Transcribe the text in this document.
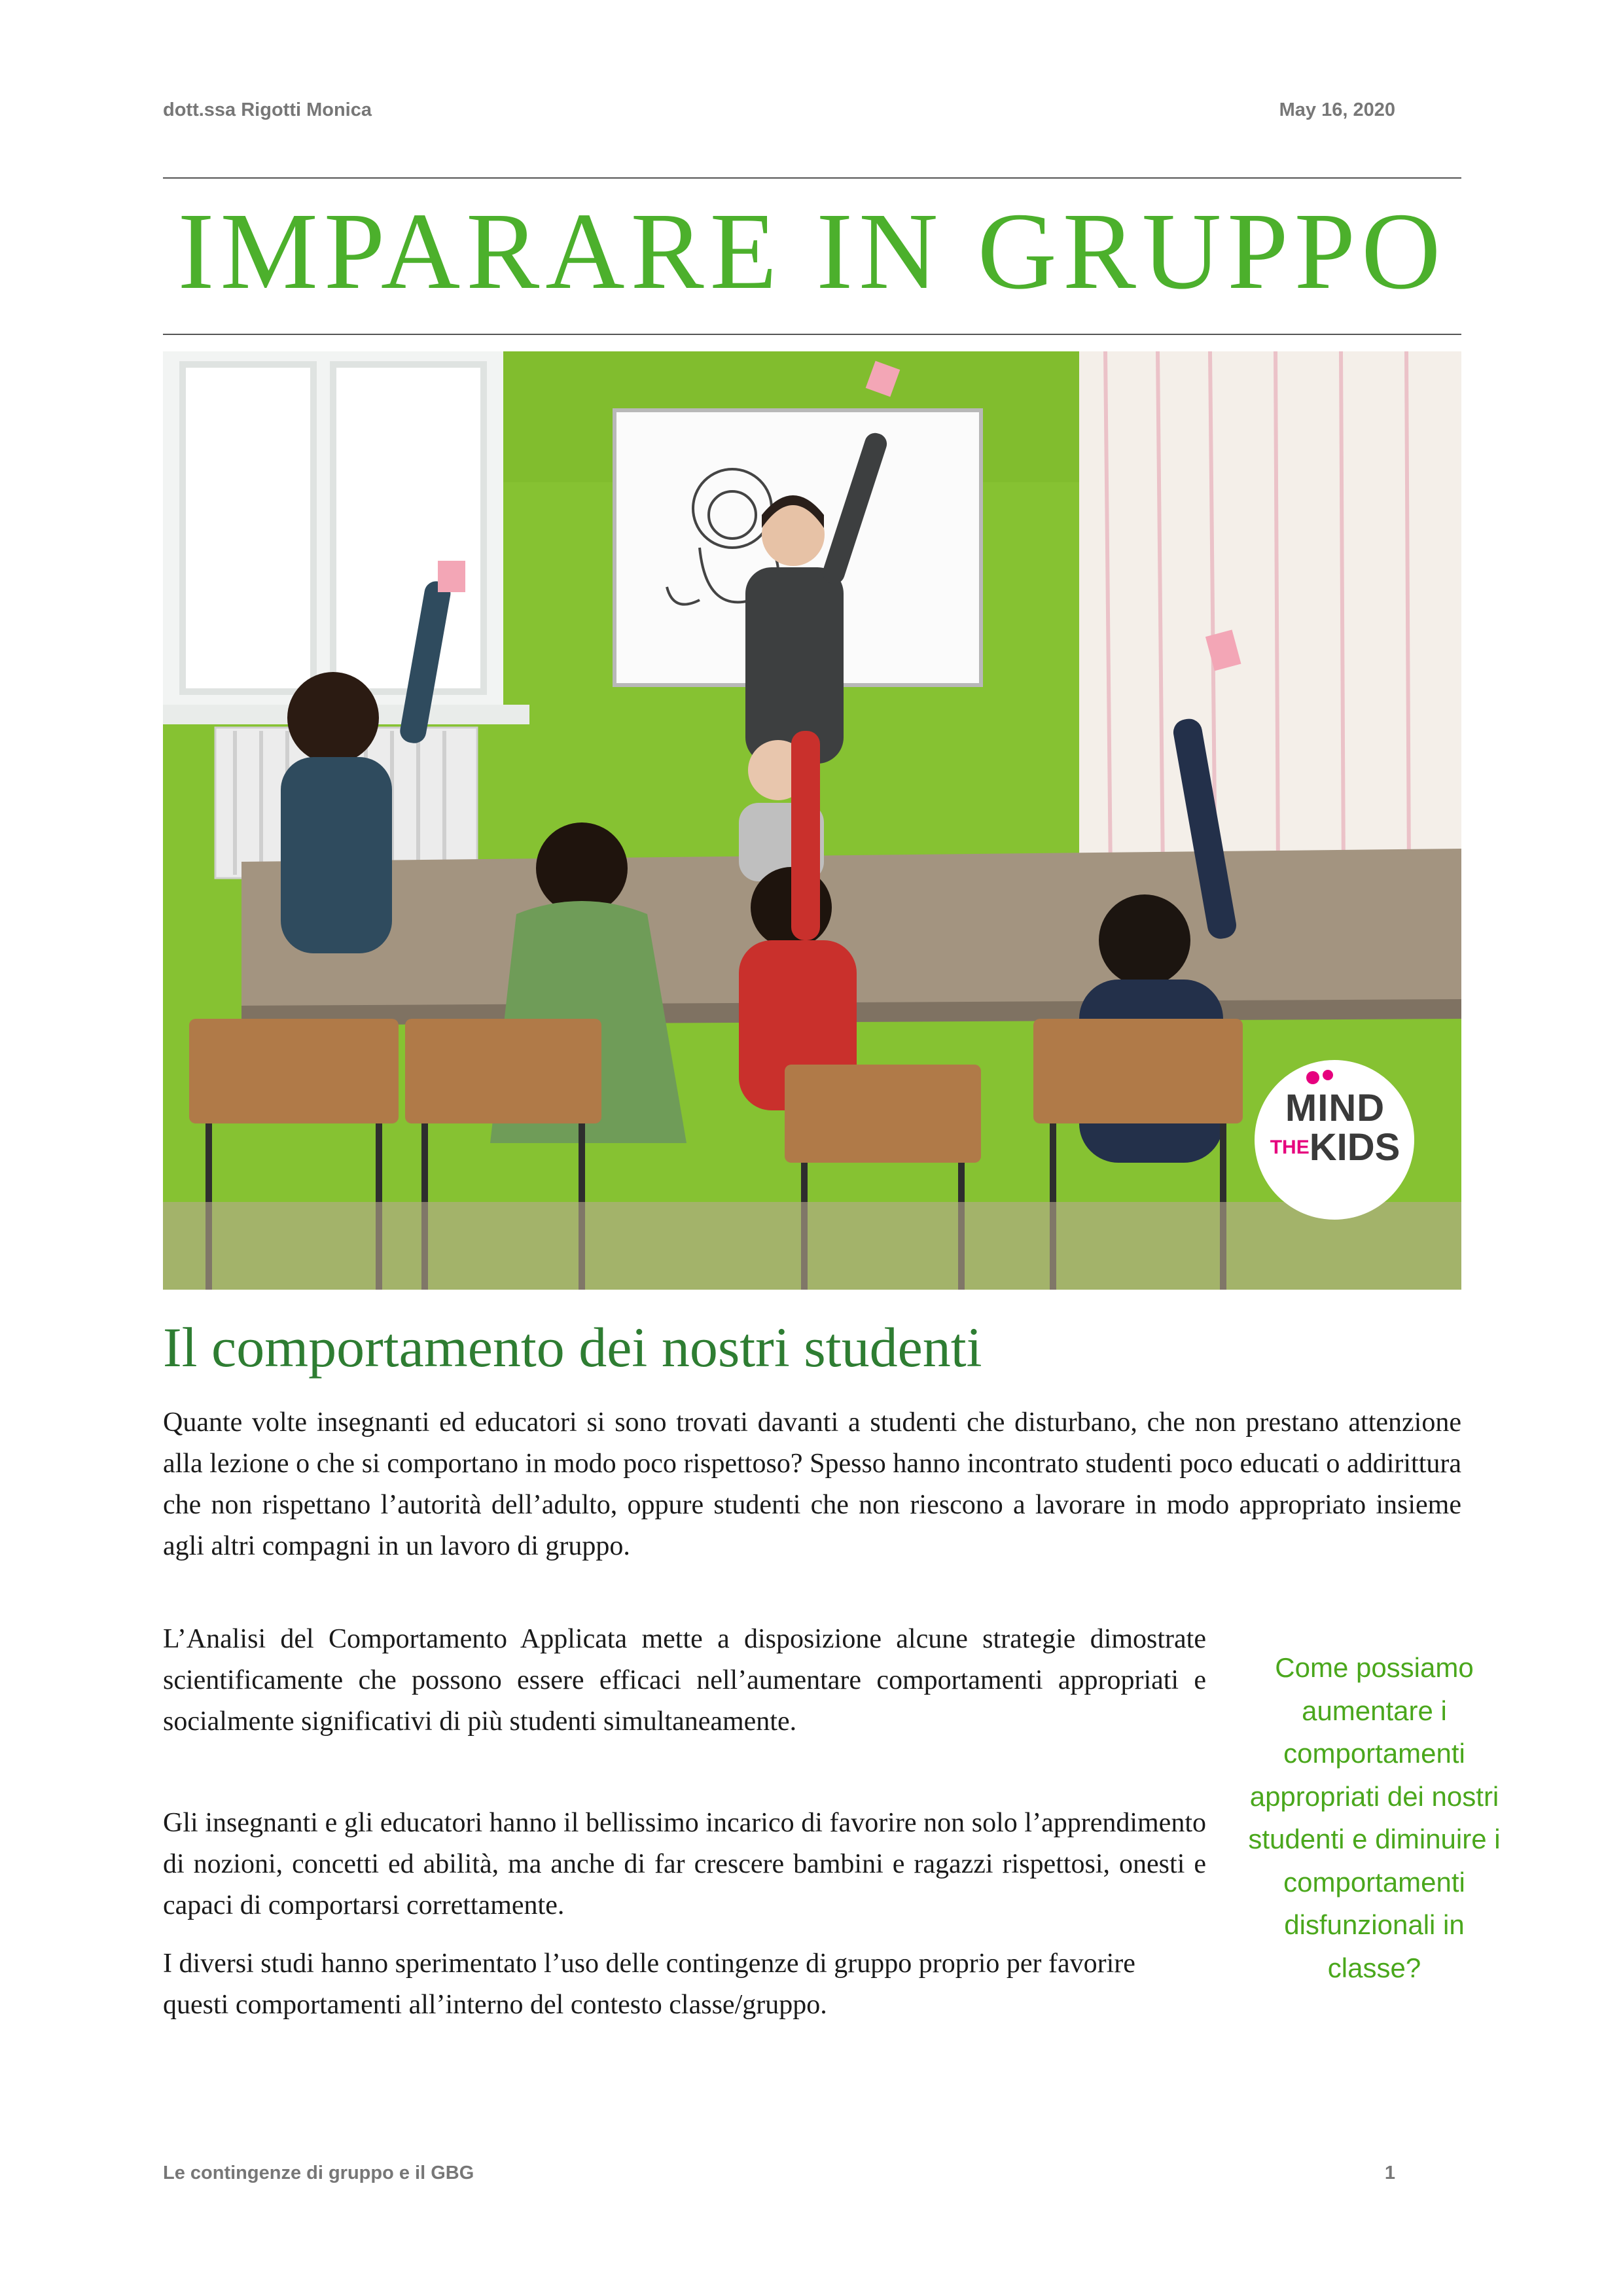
dott.ssa Rigotti Monica	May 16, 2020
IMPARARE IN GRUPPO
MIND
THEKIDS
Il comportamento dei nostri studenti
Quante volte insegnanti ed educatori si sono trovati davanti a studenti che disturbano, che non prestano attenzione alla lezione o che si comportano in modo poco rispettoso? Spesso hanno incontrato studenti poco educati o addirittura che non rispettano l’autorità dell’adulto, oppure studenti che non riescono a lavorare in modo appropriato insieme agli altri compagni in un lavoro di gruppo.
L’Analisi del Comportamento Applicata mette a disposizione alcune strategie dimostrate scientificamente che possono essere efficaci nell’aumentare comportamenti appropriati e socialmente significativi di più studenti simultaneamente.
Gli insegnanti e gli educatori hanno il bellissimo incarico di favorire non solo l’apprendimento di nozioni, concetti ed abilità, ma anche di far crescere bambini e ragazzi rispettosi, onesti e capaci di comportarsi correttamente.
I diversi studi hanno sperimentato l’uso delle contingenze di gruppo proprio per favorire questi comportamenti all’interno del contesto classe/gruppo.
Come possiamo aumentare i comportamenti appropriati dei nostri studenti e diminuire i comportamenti disfunzionali in classe?
Le contingenze di gruppo e il GBG	1
